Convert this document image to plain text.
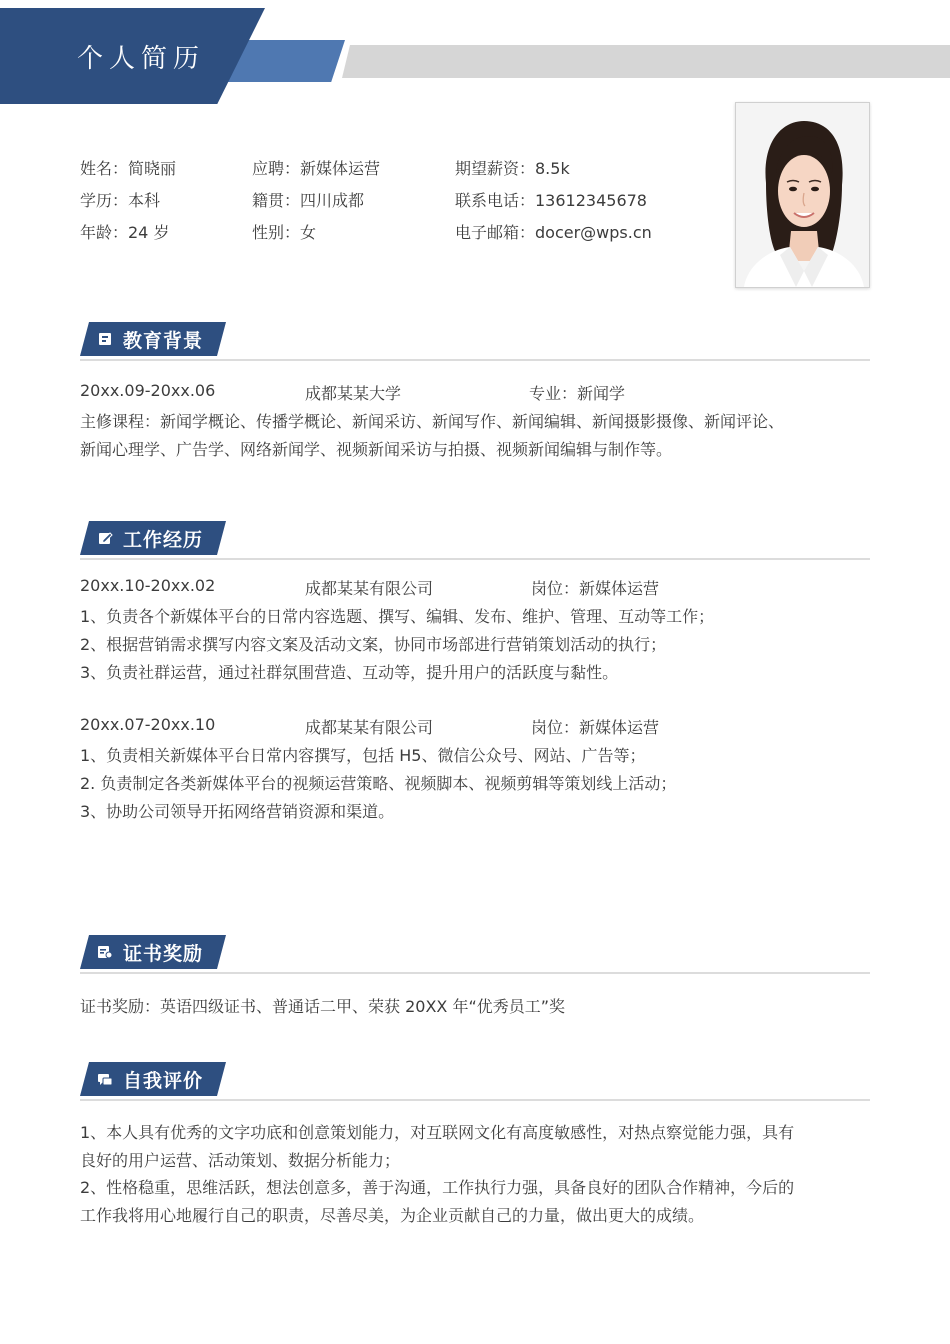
个人简历
姓名：简晓丽	应聘：新媒体运营	期望薪资：8.5k
学历：本科	籍贯：四川成都	联系电话：13612345678
年龄：24 岁	性别：女	电子邮箱：docer@wps.cn
教育背景
20xx.09-20xx.06	成都某某大学	专业：新闻学
主修课程：新闻学概论、传播学概论、新闻采访、新闻写作、新闻编辑、新闻摄影摄像、新闻评论、
新闻心理学、广告学、网络新闻学、视频新闻采访与拍摄、视频新闻编辑与制作等。
工作经历
20xx.10-20xx.02	成都某某有限公司	岗位：新媒体运营
1、负责各个新媒体平台的日常内容选题、撰写、编辑、发布、维护、管理、互动等工作；
2、根据营销需求撰写内容文案及活动文案，协同市场部进行营销策划活动的执行；
3、负责社群运营，通过社群氛围营造、互动等，提升用户的活跃度与黏性。
20xx.07-20xx.10	成都某某有限公司	岗位：新媒体运营
1、负责相关新媒体平台日常内容撰写，包括 H5、微信公众号、网站、广告等；
2. 负责制定各类新媒体平台的视频运营策略、视频脚本、视频剪辑等策划线上活动；
3、协助公司领导开拓网络营销资源和渠道。
证书奖励
证书奖励：英语四级证书、普通话二甲、荣获 20XX 年“优秀员工”奖
自我评价
1、本人具有优秀的文字功底和创意策划能力，对互联网文化有高度敏感性，对热点察觉能力强，具有
良好的用户运营、活动策划、数据分析能力；
2、性格稳重，思维活跃，想法创意多，善于沟通，工作执行力强，具备良好的团队合作精神，今后的
工作我将用心地履行自己的职责，尽善尽美，为企业贡献自己的力量，做出更大的成绩。
